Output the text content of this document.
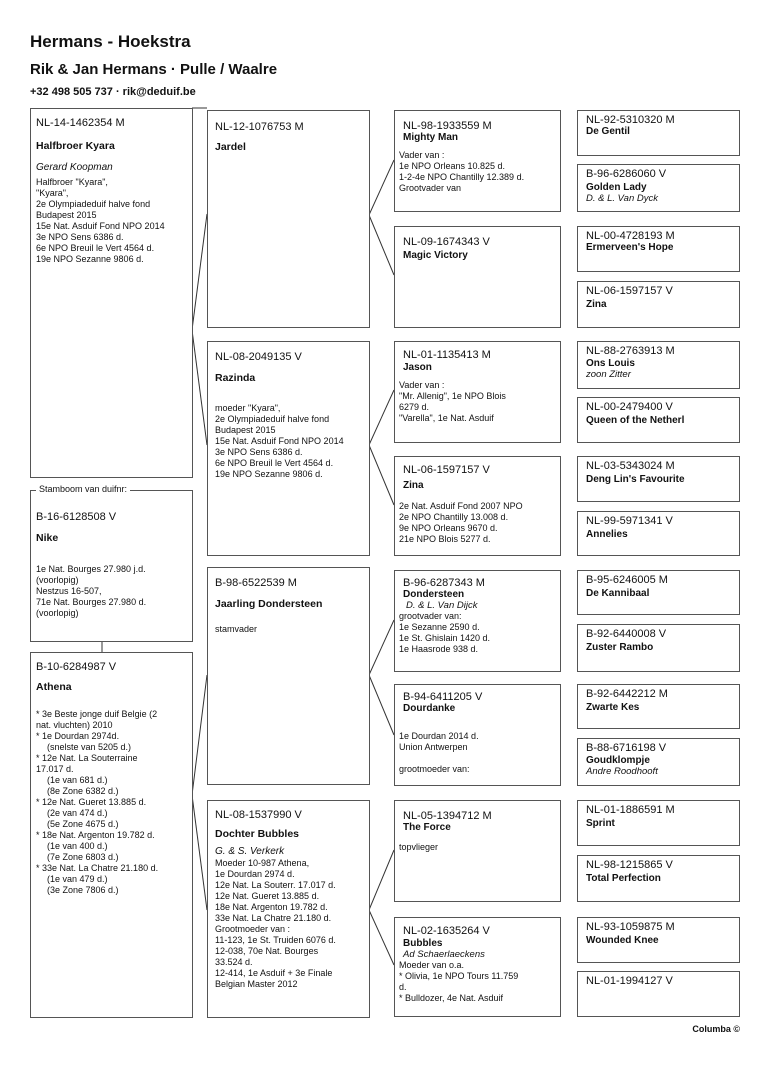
Hermans - Hoekstra
Rik & Jan Hermans · Pulle / Waalre
+32 498 505 737 · rik@deduif.be
NL-14-1462354 M
Halfbroer Kyara
Gerard Koopman
Halfbroer "Kyara",
"Kyara",
2e Olympiadeduif halve fond
Budapest 2015
15e Nat. Asduif Fond NPO 2014
3e NPO Sens 6386 d.
6e NPO Breuil le Vert 4564 d.
19e NPO Sezanne 9806 d.
B-16-6128508 V
Nike
1e Nat. Bourges 27.980 j.d.
(voorlopig)
Nestzus 16-507,
71e Nat. Bourges 27.980 d.
(voorlopig)
Stamboom van duifnr:
B-10-6284987 V
Athena
* 3e Beste jonge duif Belgie (2
nat. vluchten) 2010
* 1e Dourdan 2974d.
(snelste van 5205 d.)
* 12e Nat. La Souterraine
17.017 d.
(1e van 681 d.)
(8e Zone 6382 d.)
* 12e Nat. Gueret 13.885 d.
(2e van 474 d.)
(5e Zone 4675 d.)
* 18e Nat. Argenton 19.782 d.
(1e van 400 d.)
(7e Zone 6803 d.)
* 33e Nat. La Chatre 21.180 d.
(1e van 479 d.)
(3e Zone 7806 d.)
NL-12-1076753 M
Jardel
NL-08-2049135 V
Razinda
moeder "Kyara",
2e Olympiadeduif halve fond
Budapest 2015
15e Nat. Asduif Fond NPO 2014
3e NPO Sens 6386 d.
6e NPO Breuil le Vert 4564 d.
19e NPO Sezanne 9806 d.
B-98-6522539 M
Jaarling Dondersteen
stamvader
NL-08-1537990 V
Dochter Bubbles
G. & S. Verkerk
Moeder 10-987 Athena,
1e Dourdan 2974 d.
12e Nat. La Souterr. 17.017 d.
12e Nat. Gueret 13.885 d.
18e Nat. Argenton 19.782 d.
33e Nat. La Chatre 21.180 d.
Grootmoeder van :
11-123, 1e St. Truiden 6076 d.
12-038, 70e Nat. Bourges
33.524 d.
12-414, 1e Asduif + 3e Finale
Belgian Master 2012
NL-98-1933559 M
Mighty Man
Vader van :
1e NPO Orleans 10.825 d.
1-2-4e NPO Chantilly 12.389 d.
Grootvader van
NL-09-1674343 V
Magic Victory
NL-01-1135413 M
Jason
Vader van :
"Mr. Allenig", 1e NPO Blois
6279 d.
"Varella", 1e Nat. Asduif
NL-06-1597157 V
Zina
2e Nat. Asduif Fond 2007 NPO
2e NPO Chantilly 13.008 d.
9e NPO Orleans 9670 d.
21e NPO Blois 5277 d.
B-96-6287343 M
Dondersteen
D. & L. Van Dijck
grootvader van:
1e Sezanne 2590 d.
1e St. Ghislain 1420 d.
1e Haasrode 938 d.
B-94-6411205 V
Dourdanke
1e Dourdan 2014 d.
Union Antwerpen
grootmoeder van:
NL-05-1394712 M
The Force
topvlieger
NL-02-1635264 V
Bubbles
Ad Schaerlaeckens
Moeder van o.a.
* Olivia, 1e NPO Tours 11.759
d.
* Bulldozer, 4e Nat. Asduif
NL-92-5310320 M
De Gentil
B-96-6286060 V
Golden Lady
D. & L. Van Dyck
NL-00-4728193 M
Ermerveen's Hope
NL-06-1597157 V
Zina
NL-88-2763913 M
Ons Louis
zoon Zitter
NL-00-2479400 V
Queen of the Netherl
NL-03-5343024 M
Deng Lin's Favourite
NL-99-5971341 V
Annelies
B-95-6246005 M
De Kannibaal
B-92-6440008 V
Zuster Rambo
B-92-6442212 M
Zwarte Kes
B-88-6716198 V
Goudklompje
Andre Roodhooft
NL-01-1886591 M
Sprint
NL-98-1215865 V
Total Perfection
NL-93-1059875 M
Wounded Knee
NL-01-1994127 V
Columba ©
